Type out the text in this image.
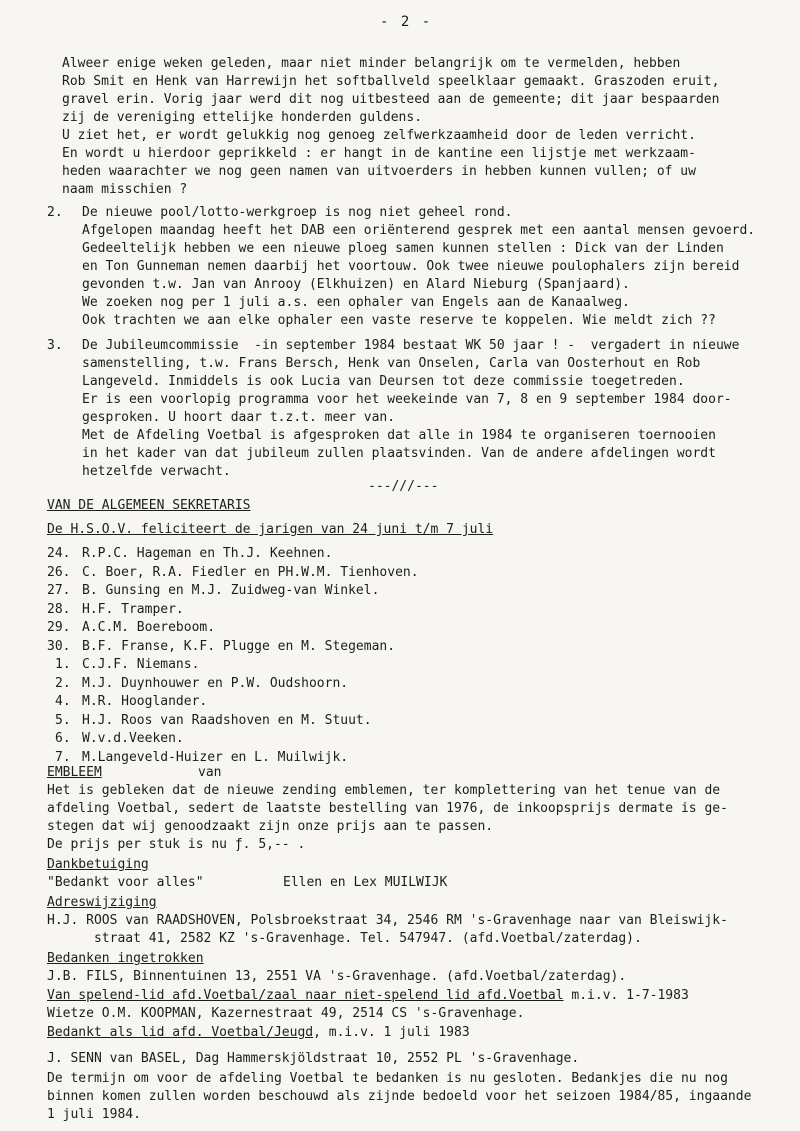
- 2 -
Alweer enige weken geleden, maar niet minder belangrijk om te vermelden, hebben
Rob Smit en Henk van Harrewijn het softballveld speelklaar gemaakt. Graszoden eruit,
gravel erin. Vorig jaar werd dit nog uitbesteed aan de gemeente; dit jaar bespaarden
zij de vereniging ettelijke honderden guldens.
U ziet het, er wordt gelukkig nog genoeg zelfwerkzaamheid door de leden verricht.
En wordt u hierdoor geprikkeld : er hangt in de kantine een lijstje met werkzaam-
heden waarachter we nog geen namen van uitvoerders in hebben kunnen vullen; of uw
naam misschien ?
2. De nieuwe pool/lotto-werkgroep is nog niet geheel rond.
Afgelopen maandag heeft het DAB een oriënterend gesprek met een aantal mensen gevoerd.
Gedeeltelijk hebben we een nieuwe ploeg samen kunnen stellen : Dick van der Linden
en Ton Gunneman nemen daarbij het voortouw. Ook twee nieuwe poulophalers zijn bereid
gevonden t.w. Jan van Anrooy (Elkhuizen) en Alard Nieburg (Spanjaard).
We zoeken nog per 1 juli a.s. een ophaler van Engels aan de Kanaalweg.
Ook trachten we aan elke ophaler een vaste reserve te koppelen. Wie meldt zich ??
3. De Jubileumcommissie  -in september 1984 bestaat WK 50 jaar ! -  vergadert in nieuwe
samenstelling, t.w. Frans Bersch, Henk van Onselen, Carla van Oosterhout en Rob
Langeveld. Inmiddels is ook Lucia van Deursen tot deze commissie toegetreden.
Er is een voorlopig programma voor het weekeinde van 7, 8 en 9 september 1984 door-
gesproken. U hoort daar t.z.t. meer van.
Met de Afdeling Voetbal is afgesproken dat alle in 1984 te organiseren toernooien
in het kader van dat jubileum zullen plaatsvinden. Van de andere afdelingen wordt
hetzelfde verwacht.
---///---
VAN DE ALGEMEEN SEKRETARIS
De H.S.O.V. feliciteert de jarigen van 24 juni t/m 7 juli
24. R.P.C. Hageman en Th.J. Keehnen.
26. C. Boer, R.A. Fiedler en PH.W.M. Tienhoven.
27. B. Gunsing en M.J. Zuidweg-van Winkel.
28. H.F. Tramper.
29. A.C.M. Boereboom.
30. B.F. Franse, K.F. Plugge en M. Stegeman.
1. C.J.F. Niemans.
2. M.J. Duynhouwer en P.W. Oudshoorn.
4. M.R. Hooglander.
5. H.J. Roos van Raadshoven en M. Stuut.
6. W.v.d.Veeken.
7. M.Langeveld-Huizer en L. Muilwijk.
EMBLEEM	van
Het is gebleken dat de nieuwe zending emblemen, ter komplettering van het tenue van de
afdeling Voetbal, sedert de laatste bestelling van 1976, de inkoopsprijs dermate is ge-
stegen dat wij genoodzaakt zijn onze prijs aan te passen.
De prijs per stuk is nu ƒ. 5,-- .
Dankbetuiging
"Bedankt voor alles"	Ellen en Lex MUILWIJK
Adreswijziging
H.J. ROOS van RAADSHOVEN, Polsbroekstraat 34, 2546 RM 's-Gravenhage naar van Bleiswijk-
straat 41, 2582 KZ 's-Gravenhage. Tel. 547947. (afd.Voetbal/zaterdag).
Bedanken ingetrokken
J.B. FILS, Binnentuinen 13, 2551 VA 's-Gravenhage. (afd.Voetbal/zaterdag).
Van spelend-lid afd.Voetbal/zaal naar niet-spelend lid afd.Voetbal m.i.v. 1-7-1983
Wietze O.M. KOOPMAN, Kazernestraat 49, 2514 CS 's-Gravenhage.
Bedankt als lid afd. Voetbal/Jeugd, m.i.v. 1 juli 1983
J. SENN van BASEL, Dag Hammerskjöldstraat 10, 2552 PL 's-Gravenhage.
De termijn om voor de afdeling Voetbal te bedanken is nu gesloten. Bedankjes die nu nog
binnen komen zullen worden beschouwd als zijnde bedoeld voor het seizoen 1984/85, ingaande
1 juli 1984.
